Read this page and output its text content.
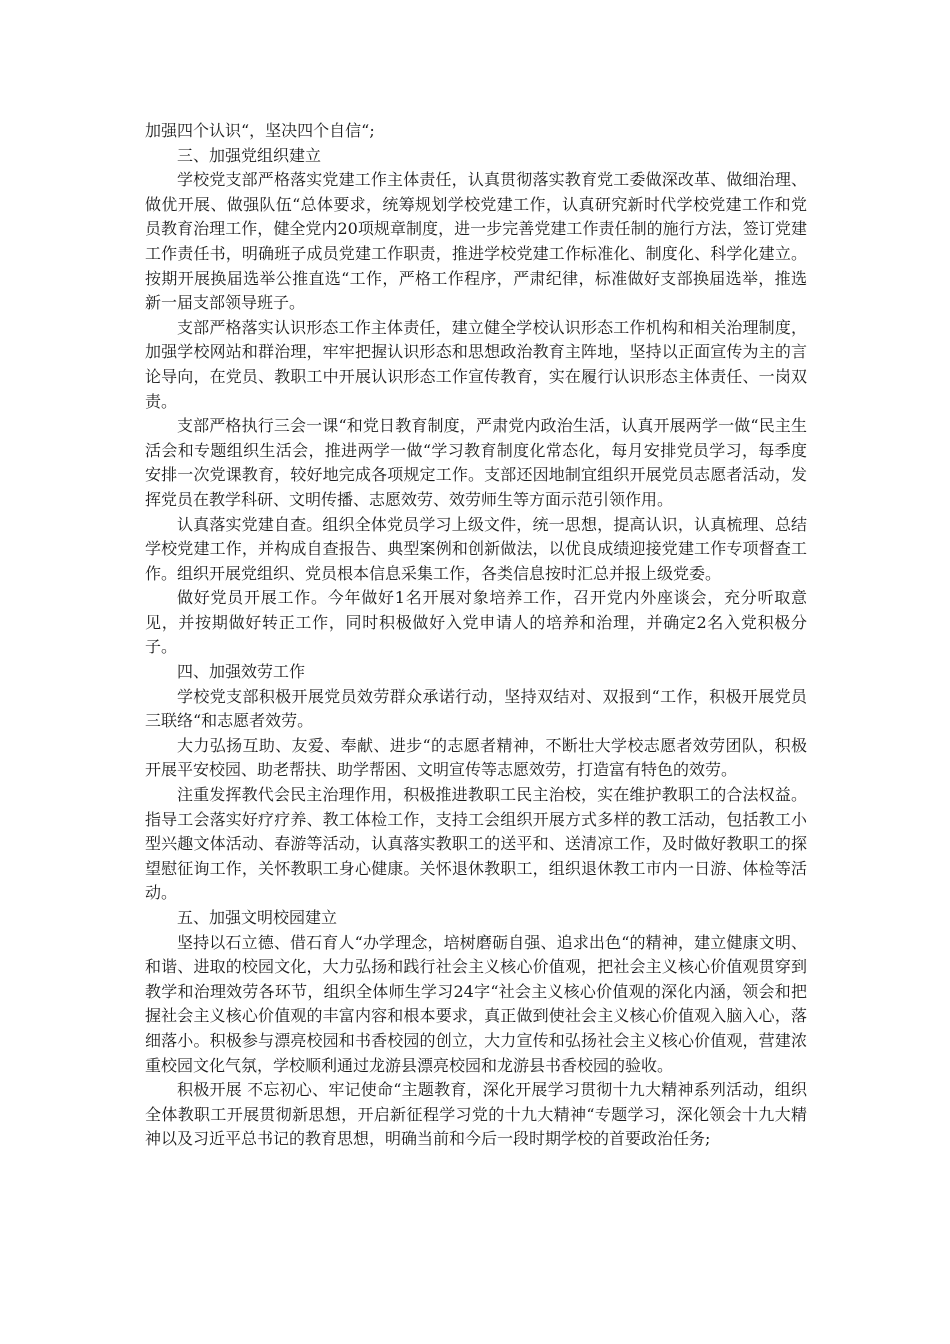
加强四个认识“，坚决四个自信“;

三、加强党组织建立

学校党支部严格落实党建工作主体责任，认真贯彻落实教育党工委做深改革、做细治理、做优开展、做强队伍“总体要求，统筹规划学校党建工作，认真研究新时代学校党建工作和党员教育治理工作，健全党内20项规章制度，进一步完善党建工作责任制的施行方法，签订党建工作责任书，明确班子成员党建工作职责，推进学校党建工作标准化、制度化、科学化建立。按期开展换届选举公推直选“工作，严格工作程序，严肃纪律，标准做好支部换届选举，推选新一届支部领导班子。

支部严格落实认识形态工作主体责任，建立健全学校认识形态工作机构和相关治理制度，加强学校网站和群治理，牢牢把握认识形态和思想政治教育主阵地，坚持以正面宣传为主的言论导向，在党员、教职工中开展认识形态工作宣传教育，实在履行认识形态主体责任、一岗双责。

支部严格执行三会一课“和党日教育制度，严肃党内政治生活，认真开展两学一做“民主生活会和专题组织生活会，推进两学一做“学习教育制度化常态化，每月安排党员学习，每季度安排一次党课教育，较好地完成各项规定工作。支部还因地制宜组织开展党员志愿者活动，发挥党员在教学科研、文明传播、志愿效劳、效劳师生等方面示范引领作用。

认真落实党建自查。组织全体党员学习上级文件，统一思想，提高认识，认真梳理、总结学校党建工作，并构成自查报告、典型案例和创新做法，以优良成绩迎接党建工作专项督查工作。组织开展党组织、党员根本信息采集工作，各类信息按时汇总并报上级党委。

做好党员开展工作。今年做好1名开展对象培养工作，召开党内外座谈会，充分听取意见，并按期做好转正工作，同时积极做好入党申请人的培养和治理，并确定2名入党积极分子。

四、加强效劳工作

学校党支部积极开展党员效劳群众承诺行动，坚持双结对、双报到“工作，积极开展党员三联络“和志愿者效劳。

大力弘扬互助、友爱、奉献、进步“的志愿者精神，不断壮大学校志愿者效劳团队，积极开展平安校园、助老帮扶、助学帮困、文明宣传等志愿效劳，打造富有特色的效劳。

注重发挥教代会民主治理作用，积极推进教职工民主治校，实在维护教职工的合法权益。指导工会落实好疗疗养、教工体检工作，支持工会组织开展方式多样的教工活动，包括教工小型兴趣文体活动、春游等活动，认真落实教职工的送平和、送清凉工作，及时做好教职工的探望慰征询工作，关怀教职工身心健康。关怀退休教职工，组织退休教工市内一日游、体检等活动。

五、加强文明校园建立

坚持以石立德、借石育人“办学理念，培树磨砺自强、追求出色“的精神，建立健康文明、和谐、进取的校园文化，大力弘扬和践行社会主义核心价值观，把社会主义核心价值观贯穿到教学和治理效劳各环节，组织全体师生学习24字“社会主义核心价值观的深化内涵，领会和把握社会主义核心价值观的丰富内容和根本要求，真正做到使社会主义核心价值观入脑入心，落细落小。积极参与漂亮校园和书香校园的创立，大力宣传和弘扬社会主义核心价值观，营建浓重校园文化气氛，学校顺利通过龙游县漂亮校园和龙游县书香校园的验收。

积极开展 不忘初心、牢记使命“主题教育，深化开展学习贯彻十九大精神系列活动，组织全体教职工开展贯彻新思想，开启新征程学习党的十九大精神“专题学习，深化领会十九大精神以及习近平总书记的教育思想，明确当前和今后一段时期学校的首要政治任务;
